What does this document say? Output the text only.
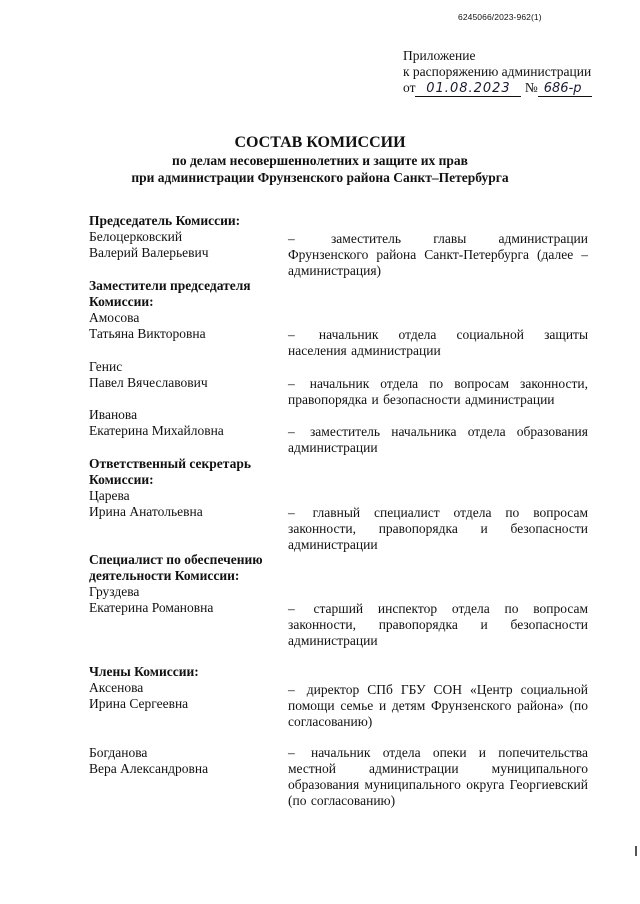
6245066/2023-962(1)
Приложение
к распоряжению администрации
от 01.08.2023 № 686-р
СОСТАВ КОМИССИИ
по делам несовершеннолетних и защите их прав
при администрации Фрунзенского района Санкт–Петербурга
Председатель Комиссии:
Белоцерковский
Валерий Валерьевич
–	заместитель главы администрации Фрунзенского района Санкт-Петербурга (далее – администрация)
Заместители председателя Комиссии:
Амосова
Татьяна Викторовна	– начальник отдела социальной защиты населения администрации
Генис
Павел Вячеславович	– начальник отдела по вопросам законности, правопорядка и безопасности администрации
Иванова
Екатерина Михайловна	– заместитель начальника отдела образования администрации
Ответственный секретарь Комиссии:
Царева
Ирина Анатольевна	– главный специалист отдела по вопросам законности, правопорядка и безопасности администрации
Специалист по обеспечению деятельности Комиссии:
Груздева
Екатерина Романовна	– старший инспектор отдела по вопросам законности, правопорядка и безопасности администрации
Члены Комиссии:
Аксенова
Ирина Сергеевна
– директор СПб ГБУ СОН «Центр социальной помощи семье и детям Фрунзенского района» (по согласованию)
Богданова
Вера Александровна
– начальник отдела опеки и попечительства местной администрации муниципального образования муниципального округа Георгиевский (по согласованию)
